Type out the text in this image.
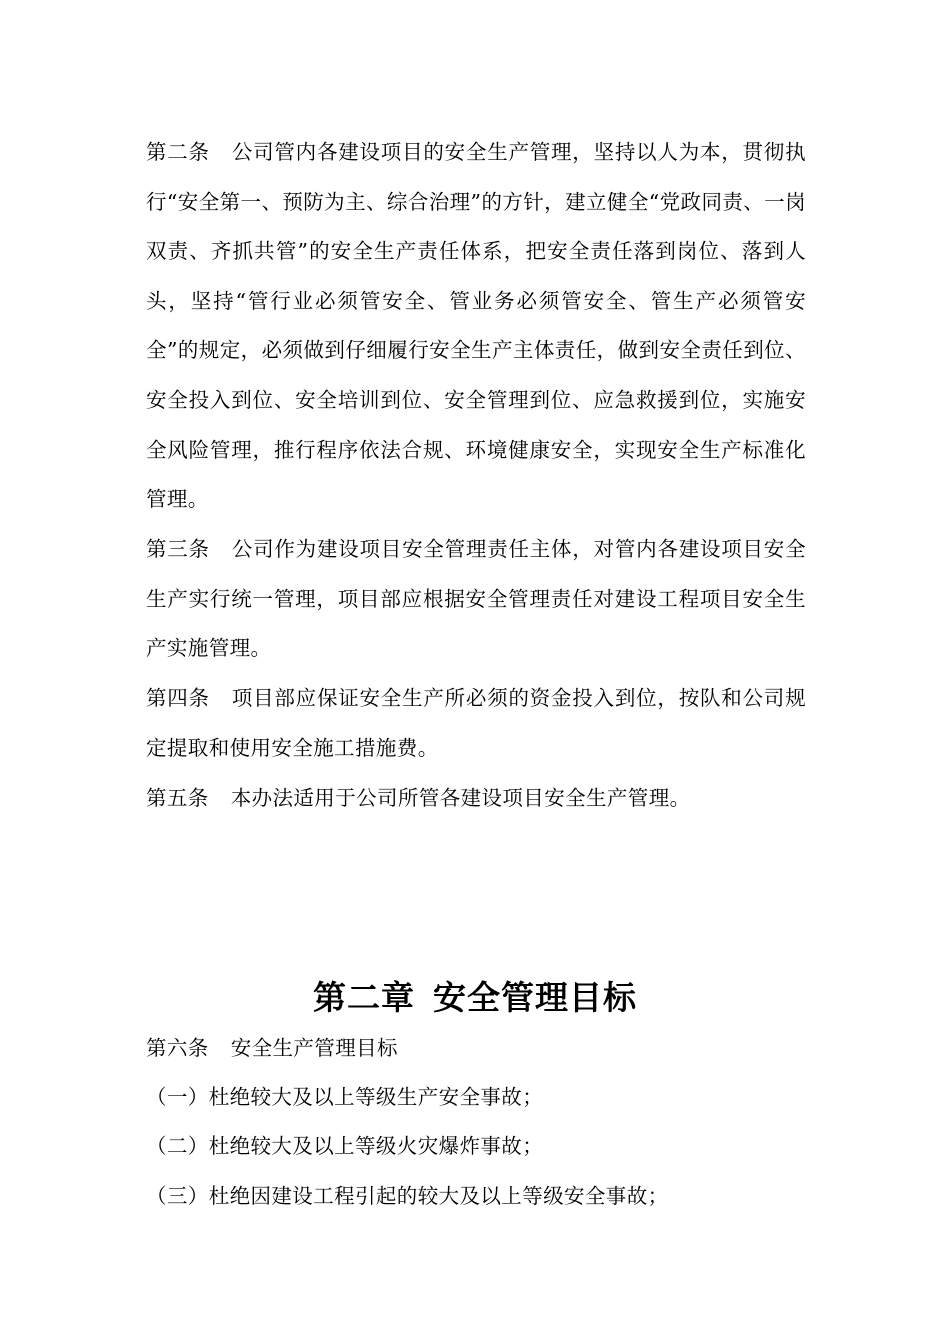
第二条 公司管内各建设项目的安全生产管理，坚持以人为本，贯彻执行“安全第一、预防为主、综合治理”的方针，建立健全“党政同责、一岗双责、齐抓共管”的安全生产责任体系，把安全责任落到岗位、落到人头，坚持“管行业必须管安全、管业务必须管安全、管生产必须管安全”的规定，必须做到仔细履行安全生产主体责任，做到安全责任到位、安全投入到位、安全培训到位、安全管理到位、应急救援到位，实施安全风险管理，推行程序依法合规、环境健康安全，实现安全生产标准化管理。

第三条 公司作为建设项目安全管理责任主体，对管内各建设项目安全生产实行统一管理，项目部应根据安全管理责任对建设工程项目安全生产实施管理。

第四条 项目部应保证安全生产所必须的资金投入到位，按队和公司规定提取和使用安全施工措施费。

第五条 本办法适用于公司所管各建设项目安全生产管理。

第二章 安全管理目标

第六条 安全生产管理目标

（一）杜绝较大及以上等级生产安全事故；

（二）杜绝较大及以上等级火灾爆炸事故；

（三）杜绝因建设工程引起的较大及以上等级安全事故；
